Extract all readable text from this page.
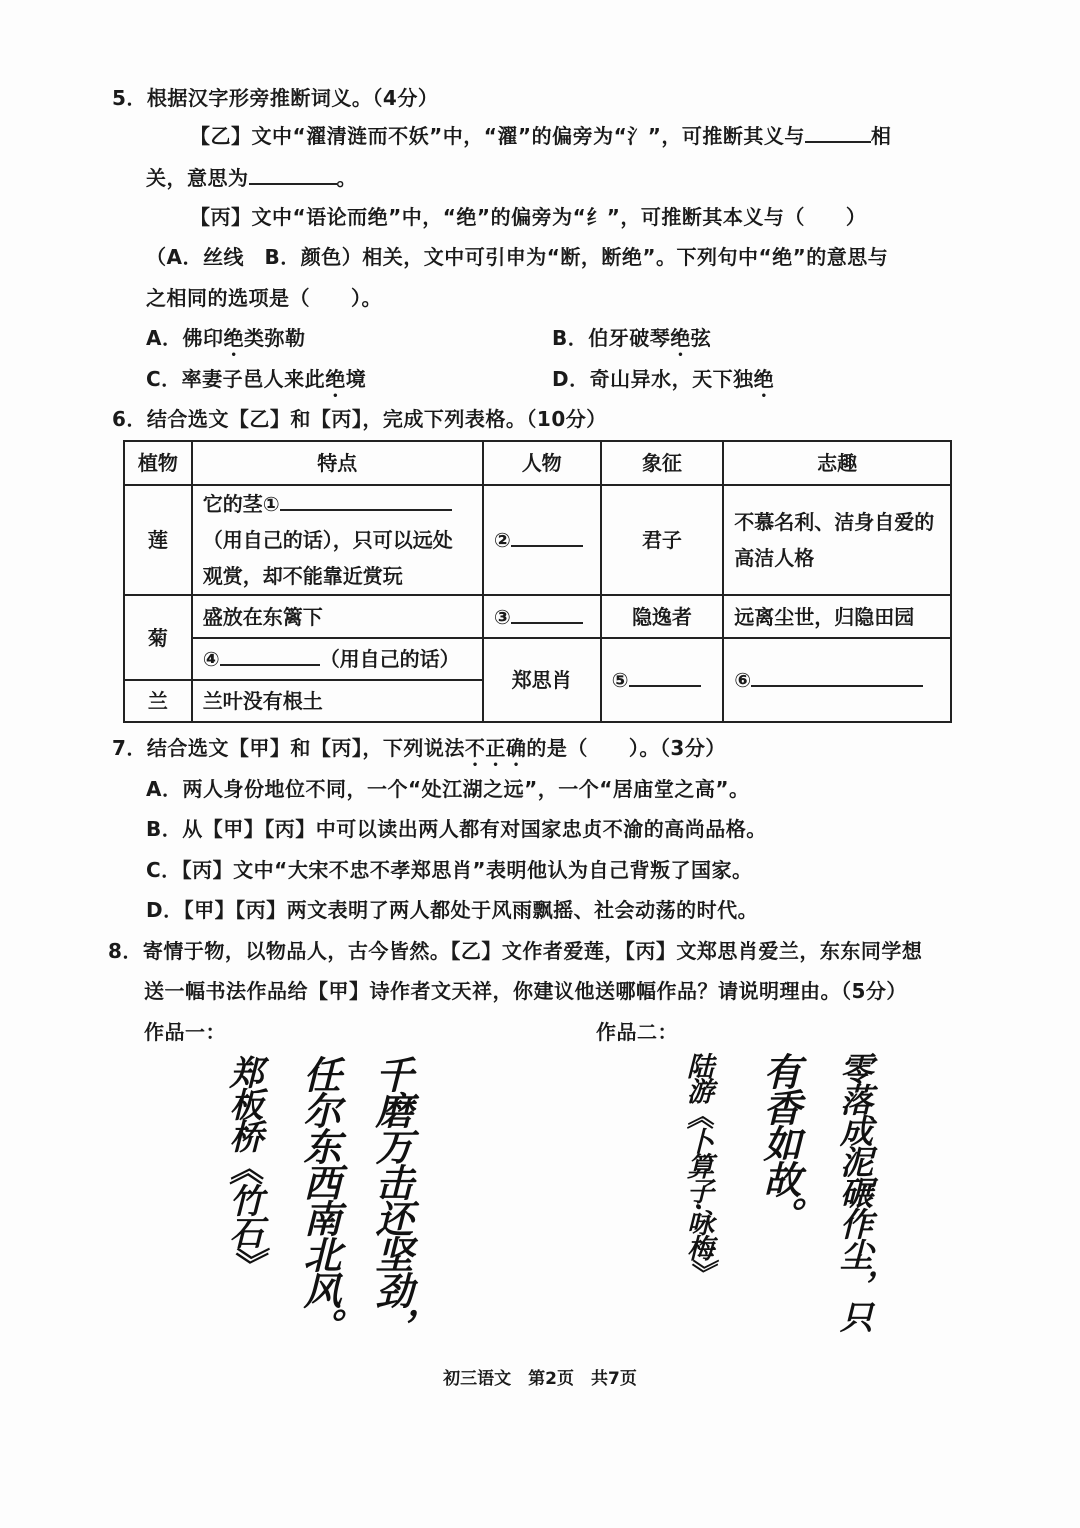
5．根据汉字形旁推断词义。（4分）
【乙】文中“濯清涟而不妖”中，“濯”的偏旁为“氵”，可推断其义与	相
关，意思为	。
【丙】文中“语论而绝”中，“绝”的偏旁为“纟”，可推断其本义与（　　）
（A．丝线　B．颜色）相关，文中可引申为“断，断绝”。下列句中“绝”的意思与
之相同的选项是（　　）。
A．佛印绝类弥勒	B．伯牙破琴绝弦
C．率妻子邑人来此绝境	D．奇山异水，天下独绝
6．结合选文【乙】和【丙】，完成下列表格。（10分）
植物	特点	人物	象征	志趣
莲	它的茎①
（用自己的话），只可以远处
观赏，却不能靠近赏玩	②	君子	不慕名利、洁身自爱的高洁人格
菊	盛放在东篱下	③	隐逸者	远离尘世，归隐田园
	④ （用自己的话）	郑思肖	⑤	⑥
兰	兰叶没有根土			
7．结合选文【甲】和【丙】，下列说法不正确的是（　　）。（3分）
A．两人身份地位不同，一个“处江湖之远”，一个“居庙堂之高”。
B．从【甲】【丙】中可以读出两人都有对国家忠贞不渝的高尚品格。
C．【丙】文中“大宋不忠不孝郑思肖”表明他认为自己背叛了国家。
D．【甲】【丙】两文表明了两人都处于风雨飘摇、社会动荡的时代。
8．寄情于物，以物品人，古今皆然。【乙】文作者爱莲，【丙】文郑思肖爱兰，东东同学想
送一幅书法作品给【甲】诗作者文天祥，你建议他送哪幅作品？请说明理由。（5分）
作品一：	作品二：
千磨万击还坚劲，
任尔东西南北风。
郑板桥《竹石》	零落成泥碾作尘，只
有香如故。
陆游《卜算子·咏梅》
初三语文　第2页　共7页
